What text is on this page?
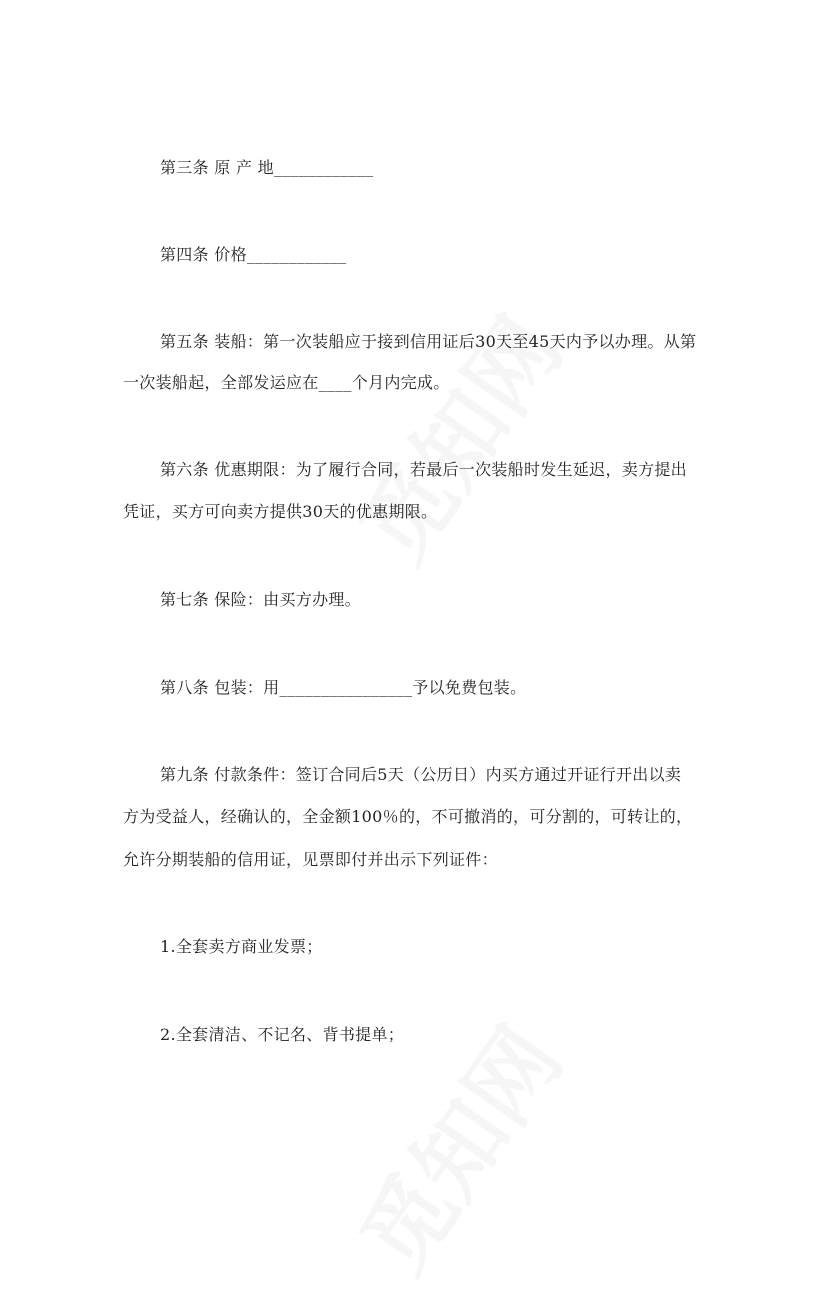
第三条 原 产 地____________
第四条 价格____________
第五条 装船：第一次装船应于接到信用证后30天至45天内予以办理。从第
一次装船起，全部发运应在____个月内完成。
第六条 优惠期限：为了履行合同，若最后一次装船时发生延迟，卖方提出
凭证，买方可向卖方提供30天的优惠期限。
第七条 保险：由买方办理。
第八条 包装：用________________予以免费包装。
第九条 付款条件：签订合同后5天（公历日）内买方通过开证行开出以卖
方为受益人，经确认的，全金额100％的，不可撤消的，可分割的，可转让的，
允许分期装船的信用证，见票即付并出示下列证件：
1.全套卖方商业发票；
2.全套清洁、不记名、背书提单；
